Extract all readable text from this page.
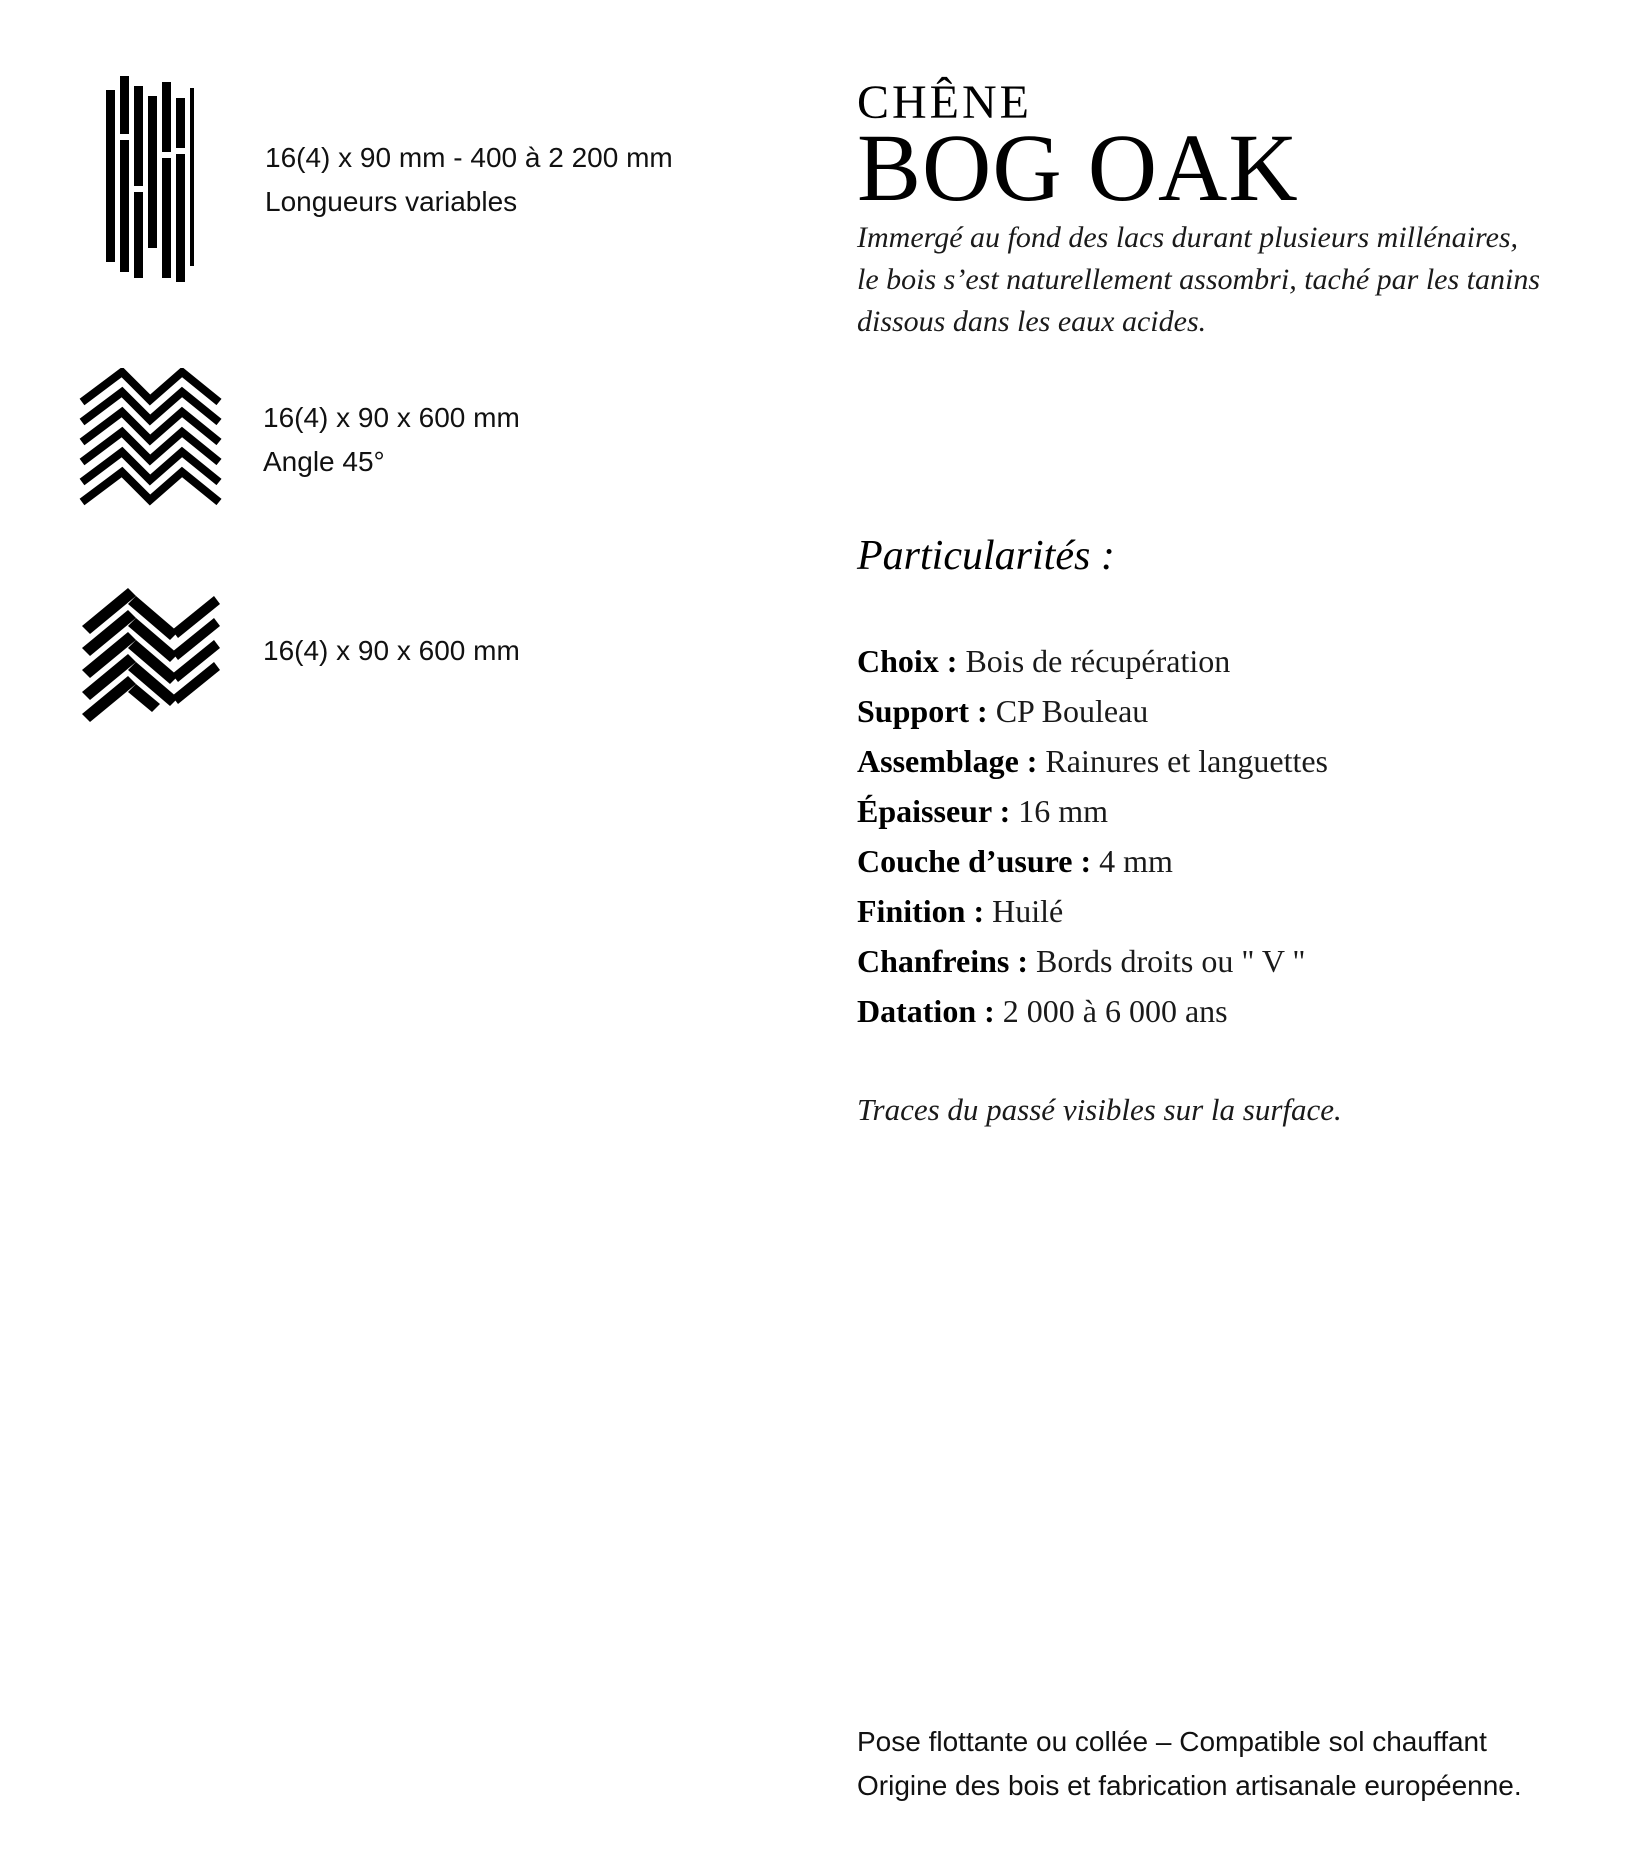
16(4) x 90 mm - 400 à 2 200 mm
Longueurs variables
16(4) x 90 x 600 mm
Angle 45°
16(4) x 90 x 600 mm
CHÊNE
BOG OAK
Immergé au fond des lacs durant plusieurs millénaires,
le bois s’est naturellement assombri, taché par les tanins
dissous dans les eaux acides.
Particularités :
Choix : Bois de récupération
Support : CP Bouleau
Assemblage : Rainures et languettes
Épaisseur : 16 mm
Couche d’usure : 4 mm
Finition : Huilé
Chanfreins : Bords droits ou " V "
Datation : 2 000 à 6 000 ans
Traces du passé visibles sur la surface.
Pose flottante ou collée – Compatible sol chauffant
Origine des bois et fabrication artisanale européenne.
